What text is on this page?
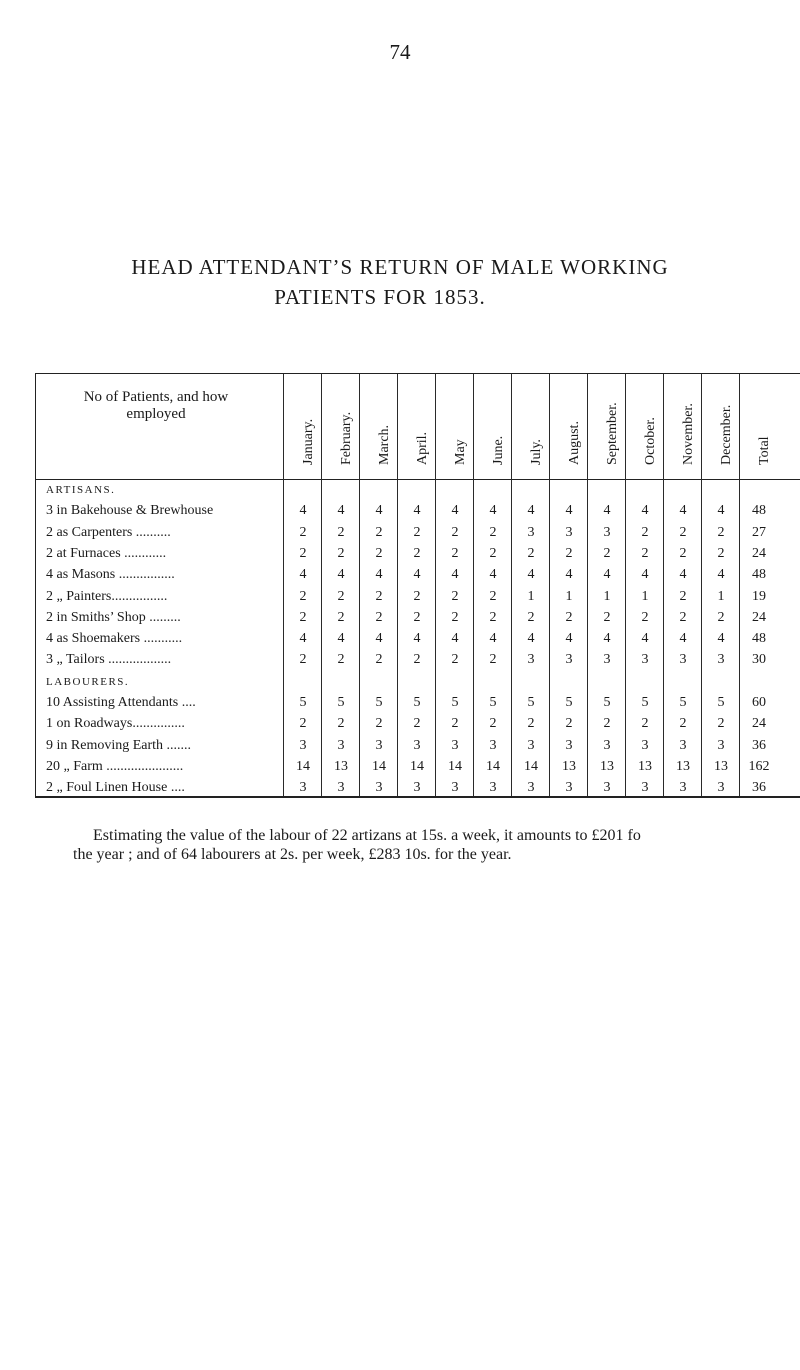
74
HEAD ATTENDANT’S RETURN OF MALE WORKING
PATIENTS FOR 1853.
No of Patients, and how
employed
January. February. March. April. May June. July. August. September. October. November. December. Total
ARTISANS.
3 in Bakehouse & Brewhouse	4	4	4	4	4	4	4	4	4	4	4	4	48
2 as Carpenters ..........	2	2	2	2	2	2	3	3	3	2	2	2	27
2 at Furnaces ............	2	2	2	2	2	2	2	2	2	2	2	2	24
4 as Masons ................	4	4	4	4	4	4	4	4	4	4	4	4	48
2 „ Painters................	2	2	2	2	2	2	1	1	1	1	2	1	19
2 in Smiths’ Shop .........	2	2	2	2	2	2	2	2	2	2	2	2	24
4 as Shoemakers ...........	4	4	4	4	4	4	4	4	4	4	4	4	48
3 „ Tailors ..................	2	2	2	2	2	2	3	3	3	3	3	3	30
LABOURERS.
10 Assisting Attendants ....	5	5	5	5	5	5	5	5	5	5	5	5	60
1 on Roadways...............	2	2	2	2	2	2	2	2	2	2	2	2	24
9 in Removing Earth .......	3	3	3	3	3	3	3	3	3	3	3	3	36
20 „ Farm ......................	14	13	14	14	14	14	14	13	13	13	13	13	162
2 „ Foul Linen House ....	3	3	3	3	3	3	3	3	3	3	3	3	36
Estimating the value of the labour of 22 artizans at 15s. a week, it amounts to £201 fo
the year ; and of 64 labourers at 2s. per week, £283 10s. for the year.
